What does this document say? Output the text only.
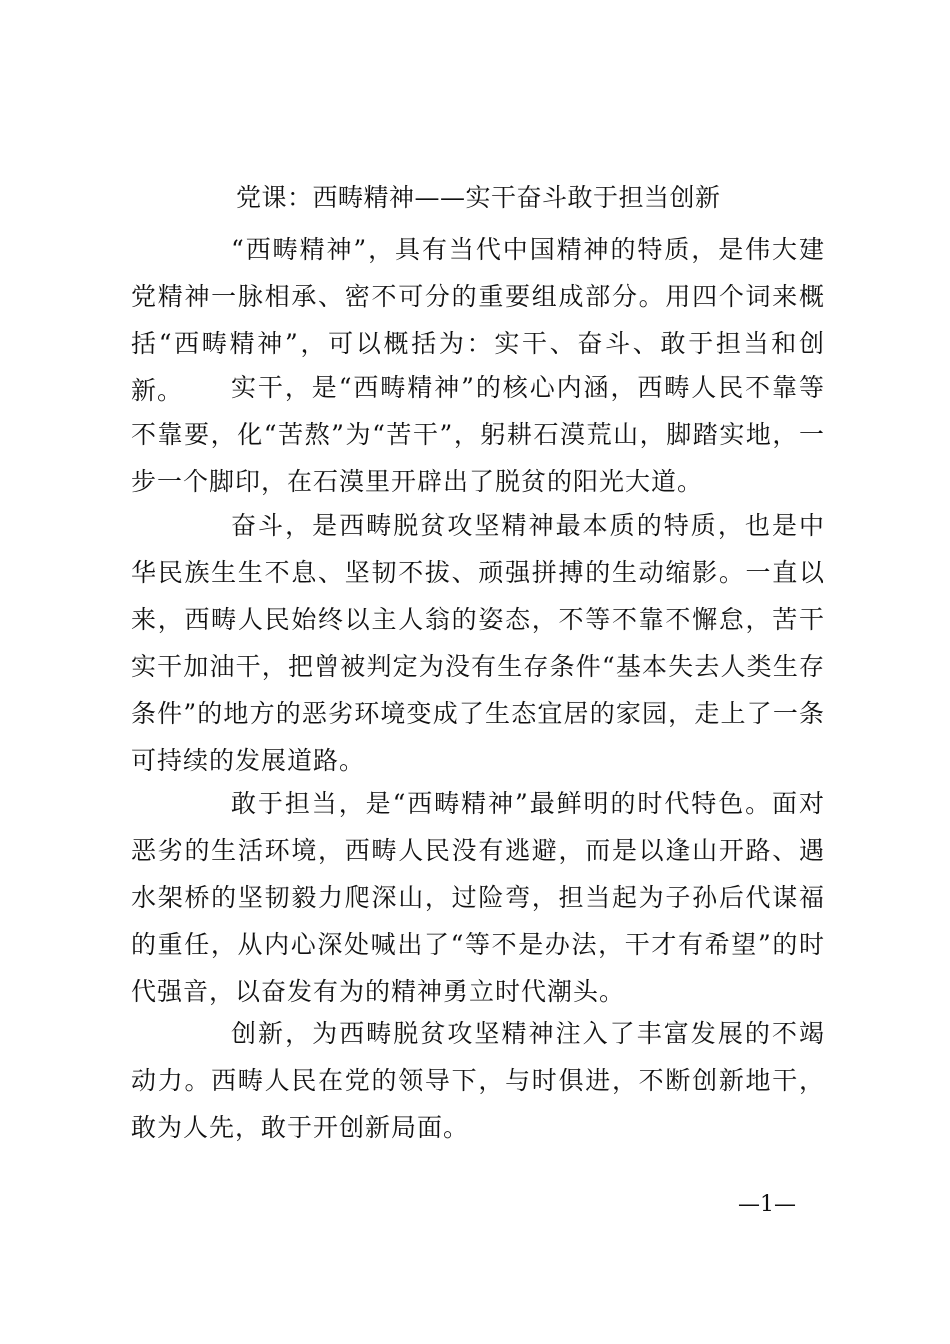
党课：西畴精神——实干奋斗敢于担当创新

“西畴精神”，具有当代中国精神的特质，是伟大建党精神一脉相承、密不可分的重要组成部分。用四个词来概括“西畴精神”，可以概括为：实干、奋斗、敢于担当和创新。	实干，是“西畴精神”的核心内涵，西畴人民不靠等不靠要，化“苦熬”为“苦干”，躬耕石漠荒山，脚踏实地，一步一个脚印，在石漠里开辟出了脱贫的阳光大道。

奋斗，是西畴脱贫攻坚精神最本质的特质，也是中华民族生生不息、坚韧不拔、顽强拼搏的生动缩影。一直以来，西畴人民始终以主人翁的姿态，不等不靠不懈怠，苦干实干加油干，把曾被判定为没有生存条件“基本失去人类生存条件”的地方的恶劣环境变成了生态宜居的家园，走上了一条可持续的发展道路。

敢于担当，是“西畴精神”最鲜明的时代特色。面对恶劣的生活环境，西畴人民没有逃避，而是以逢山开路、遇水架桥的坚韧毅力爬深山，过险弯，担当起为子孙后代谋福的重任，从内心深处喊出了“等不是办法，干才有希望”的时代强音，以奋发有为的精神勇立时代潮头。

创新，为西畴脱贫攻坚精神注入了丰富发展的不竭动力。西畴人民在党的领导下，与时俱进，不断创新地干，敢为人先，敢于开创新局面。

—1—
